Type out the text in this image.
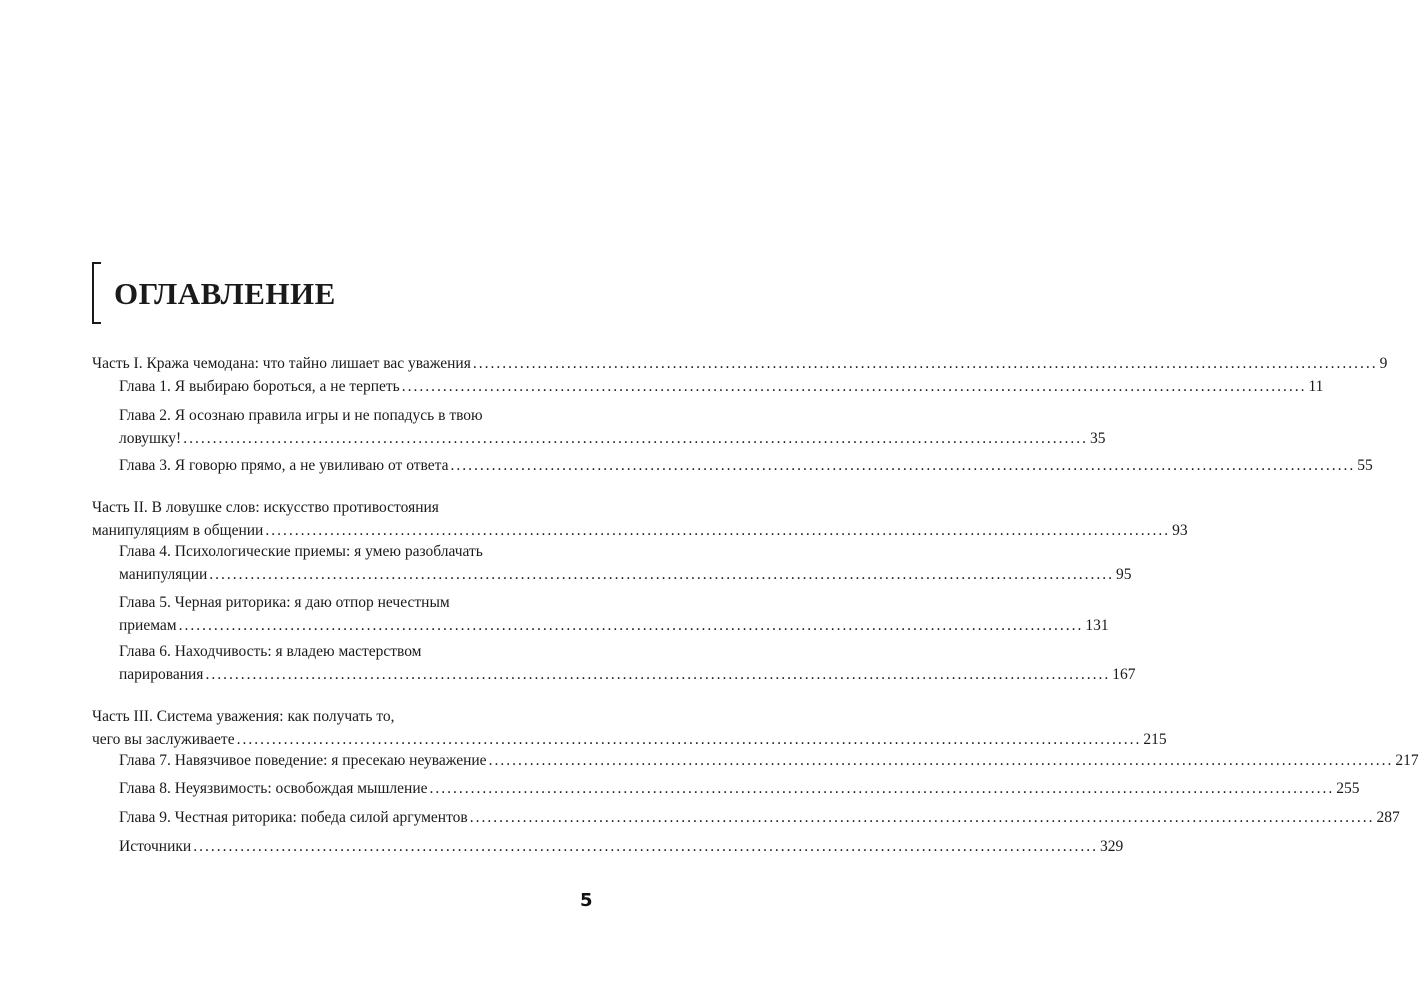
ОГЛАВЛЕНИЕ
Часть I. Кража чемодана: что тайно лишает вас уважения .......................................................................................................................................................... 9
Глава 1. Я выбираю бороться, а не терпеть .......................................................................................................................................................... 11
Глава 2. Я осознаю правила игры и не попадусь в твою
ловушку! .......................................................................................................................................................... 35
Глава 3. Я говорю прямо, а не увиливаю от ответа .......................................................................................................................................................... 55
Часть II. В ловушке слов: искусство противостояния
манипуляциям в общении .......................................................................................................................................................... 93
Глава 4. Психологические приемы: я умею разоблачать
манипуляции .......................................................................................................................................................... 95
Глава 5. Черная риторика: я даю отпор нечестным
приемам .......................................................................................................................................................... 131
Глава 6. Находчивость: я владею мастерством
парирования .......................................................................................................................................................... 167
Часть III. Система уважения: как получать то,
чего вы заслуживаете .......................................................................................................................................................... 215
Глава 7. Навязчивое поведение: я пресекаю неуважение .......................................................................................................................................................... 217
Глава 8. Неуязвимость: освобождая мышление .......................................................................................................................................................... 255
Глава 9. Честная риторика: победа силой аргументов .......................................................................................................................................................... 287
Источники .......................................................................................................................................................... 329
5
